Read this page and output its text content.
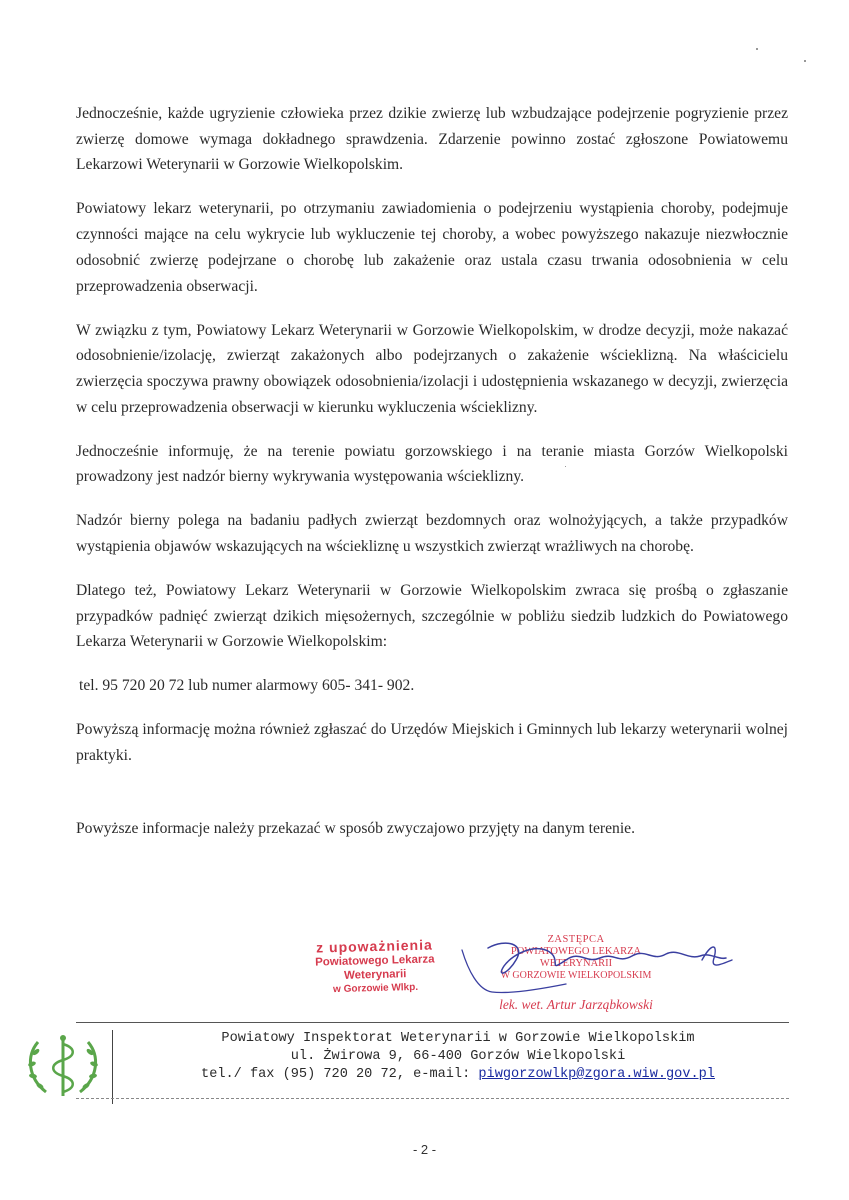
Jednocześnie, każde ugryzienie człowieka przez dzikie zwierzę lub wzbudzające podejrzenie pogryzienie przez zwierzę domowe wymaga dokładnego sprawdzenia. Zdarzenie powinno zostać zgłoszone Powiatowemu Lekarzowi Weterynarii w Gorzowie Wielkopolskim.

Powiatowy lekarz weterynarii, po otrzymaniu zawiadomienia o podejrzeniu wystąpienia choroby, podejmuje czynności mające na celu wykrycie lub wykluczenie tej choroby, a wobec powyższego nakazuje niezwłocznie odosobnić zwierzę podejrzane o chorobę lub zakażenie oraz ustala czasu trwania odosobnienia w celu przeprowadzenia obserwacji.

W związku z tym, Powiatowy Lekarz Weterynarii w Gorzowie Wielkopolskim, w drodze decyzji, może nakazać odosobnienie/izolację, zwierząt zakażonych albo podejrzanych o zakażenie wścieklizną. Na właścicielu zwierzęcia spoczywa prawny obowiązek odosobnienia/izolacji i udostępnienia wskazanego w decyzji, zwierzęcia w celu przeprowadzenia obserwacji w kierunku wykluczenia wścieklizny.

Jednocześnie informuję, że na terenie powiatu gorzowskiego i na teranie miasta Gorzów Wielkopolski prowadzony jest nadzór bierny wykrywania występowania wścieklizny.

Nadzór bierny polega na badaniu padłych zwierząt bezdomnych oraz wolnożyjących, a także przypadków wystąpienia objawów wskazujących na wściekliznę u wszystkich zwierząt wrażliwych na chorobę.

Dlatego też, Powiatowy Lekarz Weterynarii w Gorzowie Wielkopolskim zwraca się prośbą o zgłaszanie przypadków padnięć zwierząt dzikich mięsożernych, szczególnie w pobliżu siedzib ludzkich do Powiatowego Lekarza Weterynarii w Gorzowie Wielkopolskim:

tel. 95 720 20 72 lub numer alarmowy 605- 341- 902.

Powyższą informację można również zgłaszać do Urzędów Miejskich i Gminnych lub lekarzy weterynarii wolnej praktyki.

Powyższe informacje należy przekazać w sposób zwyczajowo przyjęty na danym terenie.

z upoważnienia
Powiatowego Lekarza Weterynarii
w Gorzowie Wlkp.
ZASTĘPCA
POWIATOWEGO LEKARZA WETERYNARII
W GORZOWIE WIELKOPOLSKIM
lek. wet. Artur Jarząbkowski
Powiatowy Inspektorat Weterynarii w Gorzowie Wielkopolskim
ul. Żwirowa 9, 66-400 Gorzów Wielkopolski
tel./ fax (95) 720 20 72, e-mail: piwgorzowlkp@zgora.wiw.gov.pl
- 2 -
